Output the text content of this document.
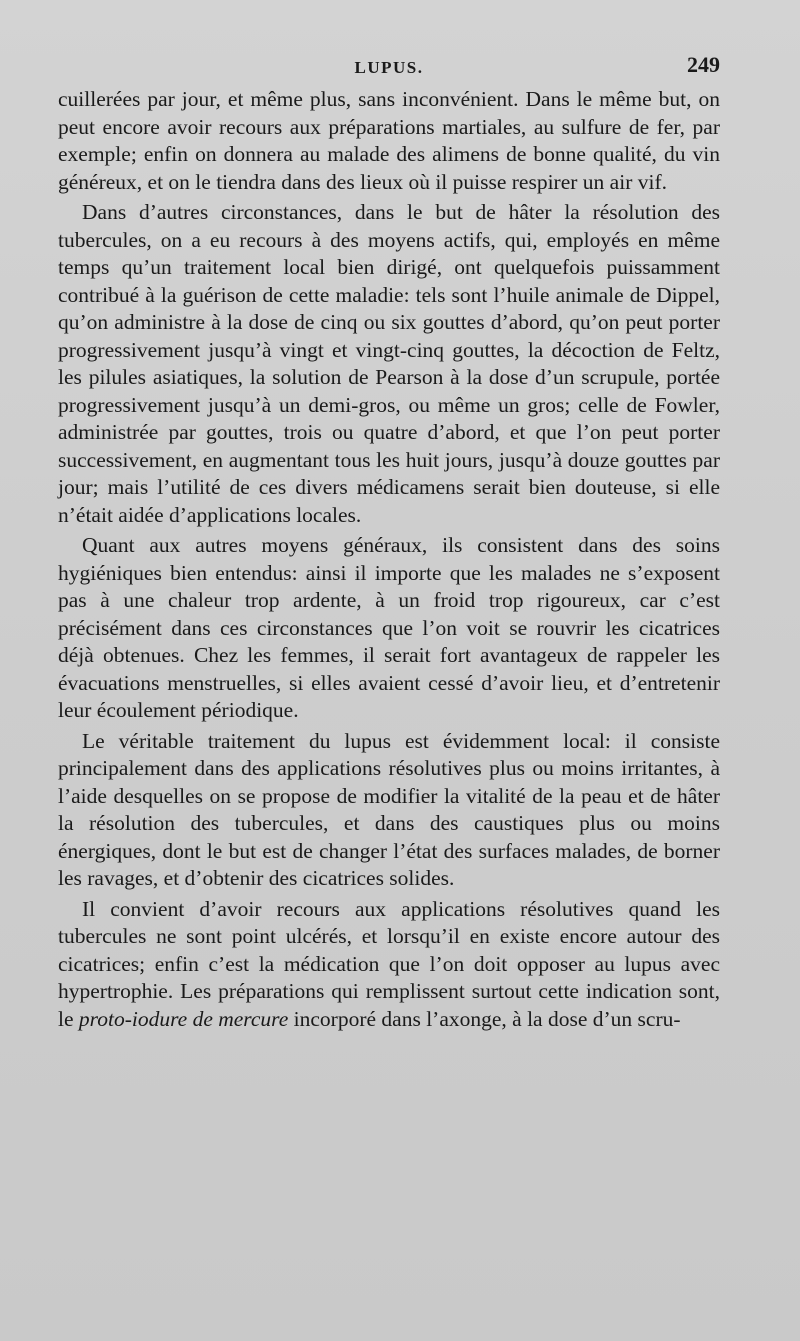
LUPUS.	249

cuillerées par jour, et même plus, sans inconvénient. Dans le même but, on peut encore avoir recours aux préparations martiales, au sulfure de fer, par exemple; enfin on donnera au malade des alimens de bonne qualité, du vin généreux, et on le tiendra dans des lieux où il puisse respirer un air vif.

Dans d’autres circonstances, dans le but de hâter la résolution des tubercules, on a eu recours à des moyens actifs, qui, employés en même temps qu’un traitement local bien dirigé, ont quelquefois puissamment contribué à la guérison de cette maladie: tels sont l’huile animale de Dippel, qu’on administre à la dose de cinq ou six gouttes d’abord, qu’on peut porter progressivement jusqu’à vingt et vingt-cinq gouttes, la décoction de Feltz, les pilules asiatiques, la solution de Pearson à la dose d’un scrupule, portée progressivement jusqu’à un demi-gros, ou même un gros; celle de Fowler, administrée par gouttes, trois ou quatre d’abord, et que l’on peut porter successivement, en augmentant tous les huit jours, jusqu’à douze gouttes par jour; mais l’utilité de ces divers médicamens serait bien douteuse, si elle n’était aidée d’applications locales.

Quant aux autres moyens généraux, ils consistent dans des soins hygiéniques bien entendus: ainsi il importe que les malades ne s’exposent pas à une chaleur trop ardente, à un froid trop rigoureux, car c’est précisément dans ces circonstances que l’on voit se rouvrir les cicatrices déjà obtenues. Chez les femmes, il serait fort avantageux de rappeler les évacuations menstruelles, si elles avaient cessé d’avoir lieu, et d’entretenir leur écoulement périodique.

Le véritable traitement du lupus est évidemment local: il consiste principalement dans des applications résolutives plus ou moins irritantes, à l’aide desquelles on se propose de modifier la vitalité de la peau et de hâter la résolution des tubercules, et dans des caustiques plus ou moins énergiques, dont le but est de changer l’état des surfaces malades, de borner les ravages, et d’obtenir des cicatrices solides.

Il convient d’avoir recours aux applications résolutives quand les tubercules ne sont point ulcérés, et lorsqu’il en existe encore autour des cicatrices; enfin c’est la médication que l’on doit opposer au lupus avec hypertrophie. Les préparations qui remplissent surtout cette indication sont, le proto-iodure de mercure incorporé dans l’axonge, à la dose d’un scru-
